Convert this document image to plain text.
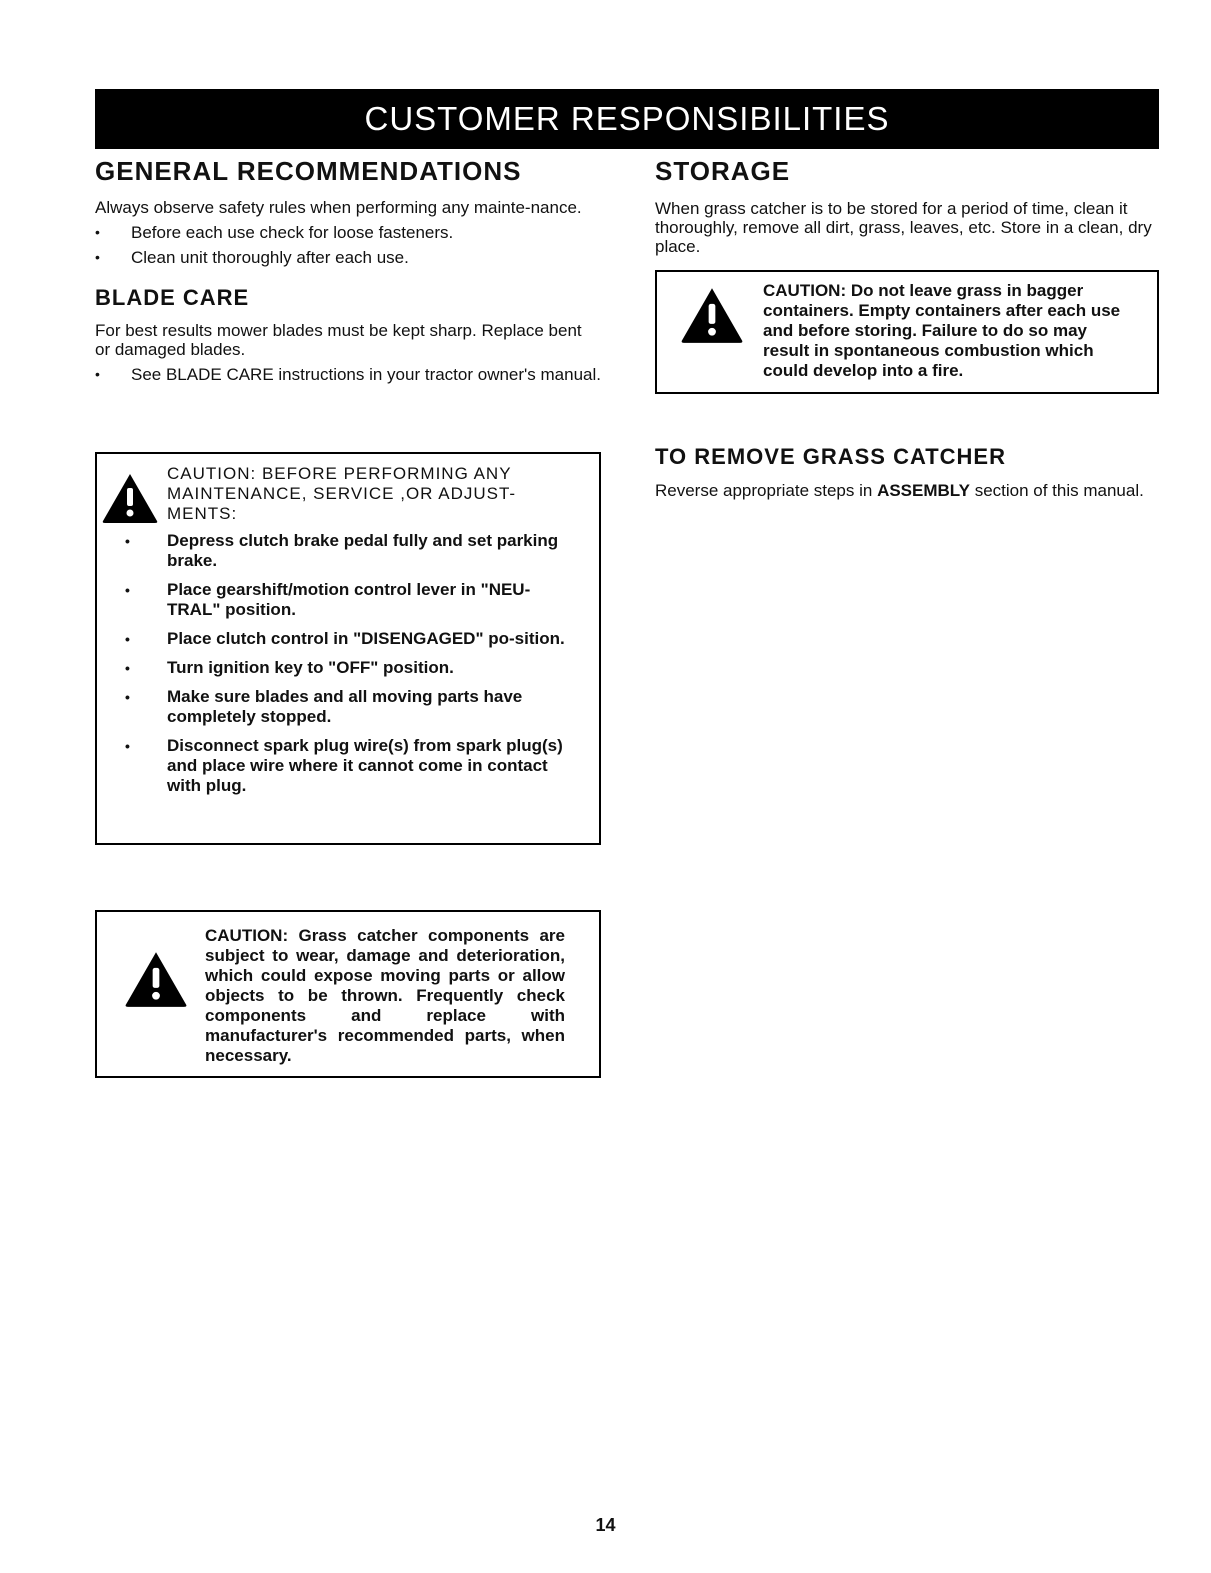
CUSTOMER RESPONSIBILITIES
GENERAL RECOMMENDATIONS

Always observe safety rules when performing any mainte-nance.

• Before each use check for loose fasteners.
• Clean unit thoroughly after each use.
BLADE CARE

For best results mower blades must be kept sharp. Replace bent or damaged blades.

• See BLADE CARE instructions in your tractor owner's manual.
CAUTION: BEFORE PERFORMING ANY MAINTENANCE, SERVICE ,OR ADJUST-MENTS:
• Depress clutch brake pedal fully and set parking brake.
• Place gearshift/motion control lever in "NEU-TRAL" position.
• Place clutch control in "DISENGAGED" po-sition.
• Turn ignition key to "OFF" position.
• Make sure blades and all moving parts have completely stopped.
• Disconnect spark plug wire(s) from spark plug(s) and place wire where it cannot come in contact with plug.
CAUTION: Grass catcher components are subject to wear, damage and deterioration, which could expose moving parts or allow objects to be thrown. Frequently check components and replace with manufacturer's recommended parts, when necessary.
STORAGE

When grass catcher is to be stored for a period of time, clean it thoroughly, remove all dirt, grass, leaves, etc. Store in a clean, dry place.

CAUTION: Do not leave grass in bagger containers. Empty containers after each use and before storing. Failure to do so may result in spontaneous combustion which could develop into a fire.
TO REMOVE GRASS CATCHER

Reverse appropriate steps in ASSEMBLY section of this manual.

14
